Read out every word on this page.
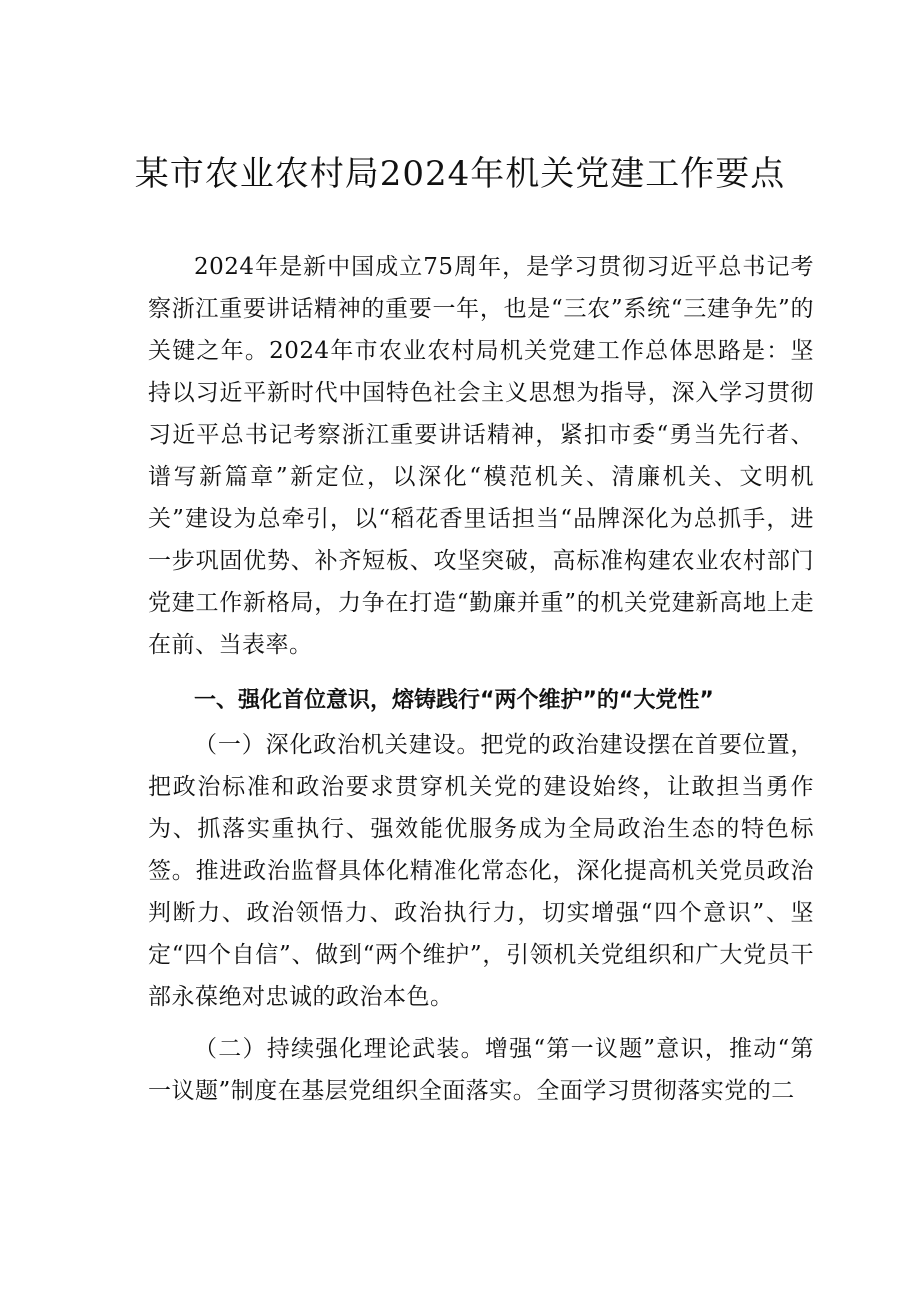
某市农业农村局2024年机关党建工作要点

2024年是新中国成立75周年，是学习贯彻习近平总书记考察浙江重要讲话精神的重要一年，也是“三农”系统“三建争先”的关键之年。2024年市农业农村局机关党建工作总体思路是：坚持以习近平新时代中国特色社会主义思想为指导，深入学习贯彻习近平总书记考察浙江重要讲话精神，紧扣市委“勇当先行者、谱写新篇章”新定位，以深化“模范机关、清廉机关、文明机关”建设为总牵引，以“稻花香里话担当“品牌深化为总抓手，进一步巩固优势、补齐短板、攻坚突破，高标准构建农业农村部门党建工作新格局，力争在打造“勤廉并重”的机关党建新高地上走在前、当表率。

一、强化首位意识，熔铸践行“两个维护”的“大党性”

（一）深化政治机关建设。把党的政治建设摆在首要位置，把政治标准和政治要求贯穿机关党的建设始终，让敢担当勇作为、抓落实重执行、强效能优服务成为全局政治生态的特色标签。推进政治监督具体化精准化常态化，深化提高机关党员政治判断力、政治领悟力、政治执行力，切实增强“四个意识”、坚定“四个自信”、做到“两个维护”，引领机关党组织和广大党员干部永葆绝对忠诚的政治本色。

（二）持续强化理论武装。增强“第一议题”意识，推动“第一议题”制度在基层党组织全面落实。全面学习贯彻落实党的二
